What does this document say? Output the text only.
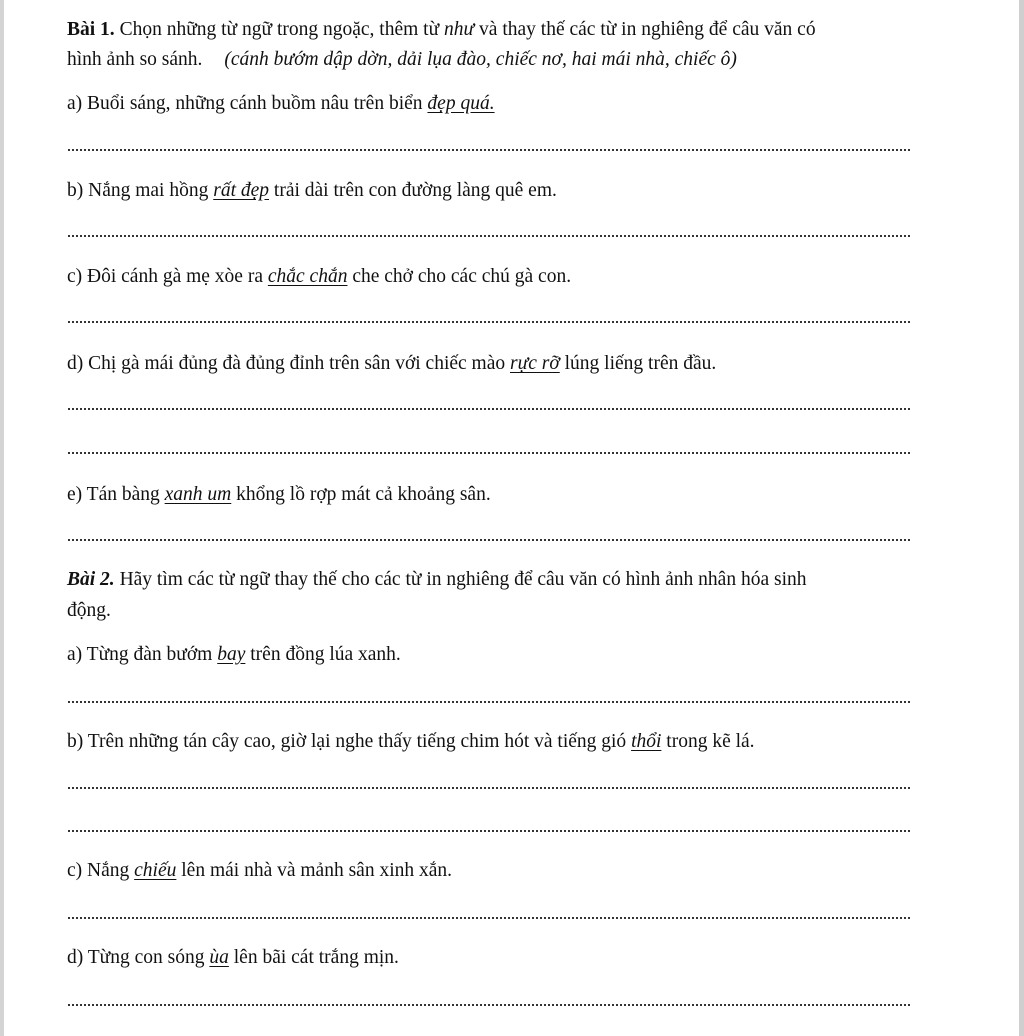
Bài 1. Chọn những từ ngữ trong ngoặc, thêm từ như và thay thế các từ in nghiêng để câu văn có
hình ảnh so sánh. (cánh bướm dập dờn, dải lụa đào, chiếc nơ, hai mái nhà, chiếc ô)
a) Buổi sáng, những cánh buồm nâu trên biển đẹp quá.
b) Nắng mai hồng rất đẹp trải dài trên con đường làng quê em.
c) Đôi cánh gà mẹ xòe ra chắc chắn che chở cho các chú gà con.
d) Chị gà mái đủng đà đủng đỉnh trên sân với chiếc mào rực rỡ lúng liếng trên đầu.
e) Tán bàng xanh um khổng lồ rợp mát cả khoảng sân.
Bài 2. Hãy tìm các từ ngữ thay thế cho các từ in nghiêng để câu văn có hình ảnh nhân hóa sinh
động.
a) Từng đàn bướm bay trên đồng lúa xanh.
b) Trên những tán cây cao, giờ lại nghe thấy tiếng chim hót và tiếng gió thổi trong kẽ lá.
c) Nắng chiếu lên mái nhà và mảnh sân xinh xắn.
d) Từng con sóng ùa lên bãi cát trắng mịn.
